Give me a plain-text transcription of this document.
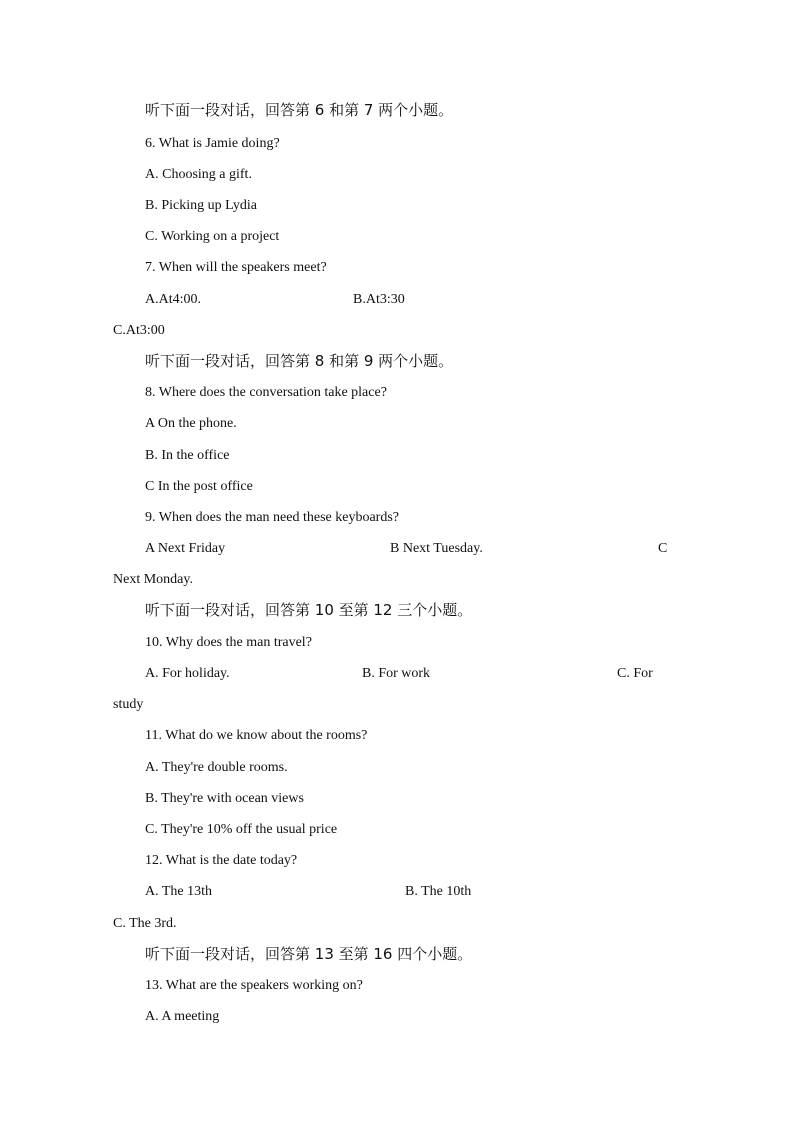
听下面一段对话，回答第 6 和第 7 两个小题。
6. What is Jamie doing?
A. Choosing a gift.
B. Picking up Lydia
C. Working on a project
7. When will the speakers meet?
A.At4:00.	B.At3:30
C.At3:00
听下面一段对话，回答第 8 和第 9 两个小题。
8. Where does the conversation take place?
A On the phone.
B. In the office
C In the post office
9. When does the man need these keyboards?
A Next Friday	B Next Tuesday.	C
Next Monday.
听下面一段对话，回答第 10 至第 12 三个小题。
10. Why does the man travel?
A. For holiday.	B. For work	C. For
study
11. What do we know about the rooms?
A. They're double rooms.
B. They're with ocean views
C. They're 10% off the usual price
12. What is the date today?
A. The 13th	B. The 10th
C. The 3rd.
听下面一段对话，回答第 13 至第 16 四个小题。
13. What are the speakers working on?
A. A meeting
